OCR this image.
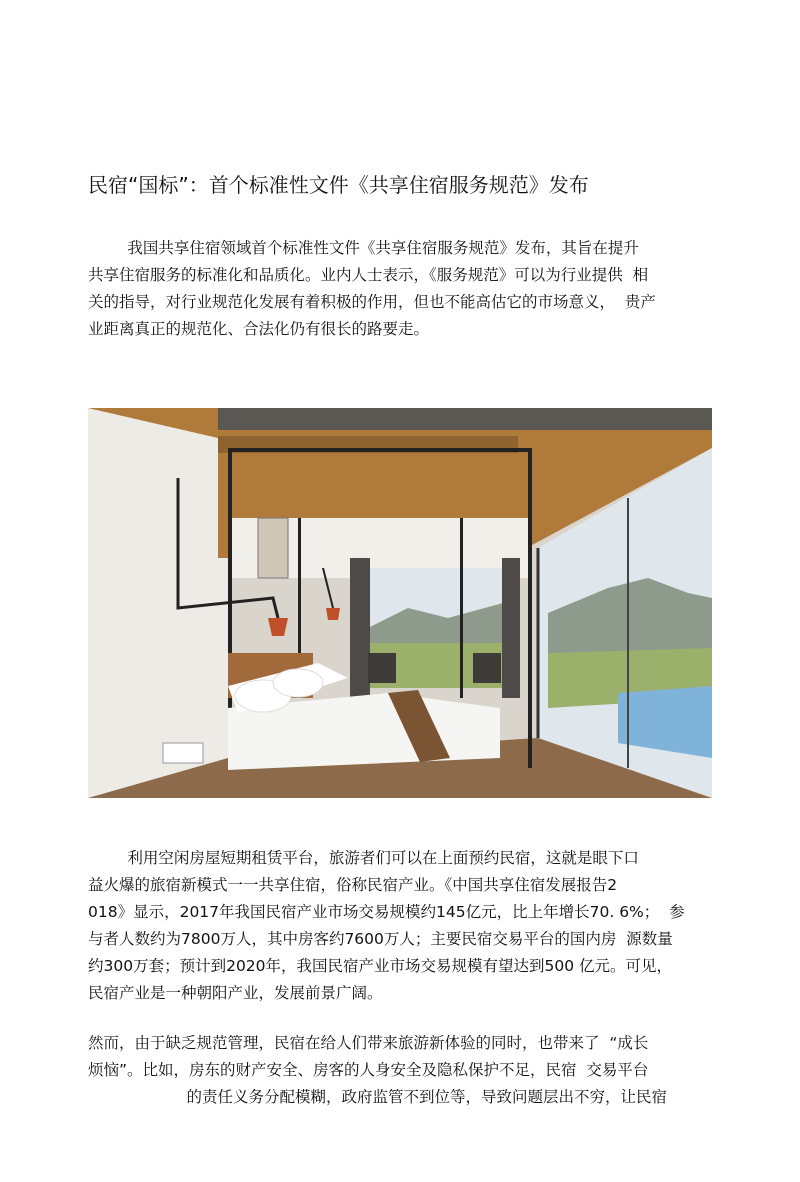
民宿“国标”：首个标准性文件《共享住宿服务规范》发布
我国共享住宿领域首个标准性文件《共享住宿服务规范》发布，其旨在提升
共享住宿服务的标准化和品质化。业内人士表示，《服务规范》可以为行业提供  相
关的指导，对行业规范化发展有着积极的作用，但也不能高估它的市场意义，  贵产
业距离真正的规范化、合法化仍有很长的路要走。
利用空闲房屋短期租赁平台，旅游者们可以在上面预约民宿，这就是眼下口
益火爆的旅宿新模式一一共享住宿，俗称民宿产业。《中国共享住宿发展报告2
018》显示，2017年我国民宿产业市场交易规模约145亿元，比上年增长70. 6%；  参
与者人数约为7800万人，其中房客约7600万人；主要民宿交易平台的国内房  源数量
约300万套；预计到2020年，我国民宿产业市场交易规模有望达到500 亿元。可见，
民宿产业是一种朝阳产业，发展前景广阔。
然而，由于缺乏规范管理，民宿在给人们带来旅游新体验的同时，也带来了  “成长
烦恼”。比如，房东的财产安全、房客的人身安全及隐私保护不足，民宿  交易平台
的责任义务分配模糊，政府监管不到位等，导致问题层出不穷，让民宿
